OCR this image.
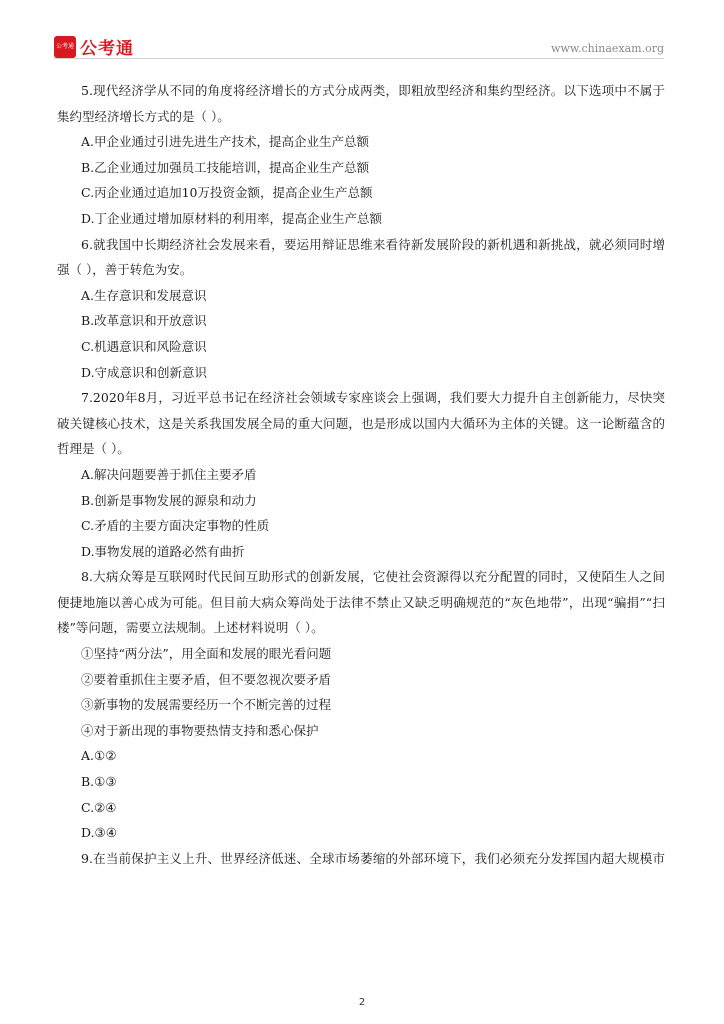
公考通 公考通	www.chinaexam.org
5.现代经济学从不同的角度将经济增长的方式分成两类，即粗放型经济和集约型经济。以下选项中不属于
集约型经济增长方式的是（ ）。
A.甲企业通过引进先进生产技术，提高企业生产总额
B.乙企业通过加强员工技能培训，提高企业生产总额
C.丙企业通过追加10万投资金额，提高企业生产总额
D.丁企业通过增加原材料的利用率，提高企业生产总额
6.就我国中长期经济社会发展来看，要运用辩证思维来看待新发展阶段的新机遇和新挑战，就必须同时增
强（ ），善于转危为安。
A.生存意识和发展意识
B.改革意识和开放意识
C.机遇意识和风险意识
D.守成意识和创新意识
7.2020年8月，习近平总书记在经济社会领域专家座谈会上强调，我们要大力提升自主创新能力，尽快突
破关键核心技术，这是关系我国发展全局的重大问题，也是形成以国内大循环为主体的关键。这一论断蕴含的
哲理是（ ）。
A.解决问题要善于抓住主要矛盾
B.创新是事物发展的源泉和动力
C.矛盾的主要方面决定事物的性质
D.事物发展的道路必然有曲折
8.大病众筹是互联网时代民间互助形式的创新发展，它使社会资源得以充分配置的同时，又使陌生人之间
便捷地施以善心成为可能。但目前大病众筹尚处于法律不禁止又缺乏明确规范的“灰色地带”，出现“骗捐”“扫
楼”等问题，需要立法规制。上述材料说明（ ）。
①坚持“两分法”，用全面和发展的眼光看问题
②要着重抓住主要矛盾，但不要忽视次要矛盾
③新事物的发展需要经历一个不断完善的过程
④对于新出现的事物要热情支持和悉心保护
A.①②
B.①③
C.②④
D.③④
9.在当前保护主义上升、世界经济低迷、全球市场萎缩的外部环境下，我们必须充分发挥国内超大规模市
2
